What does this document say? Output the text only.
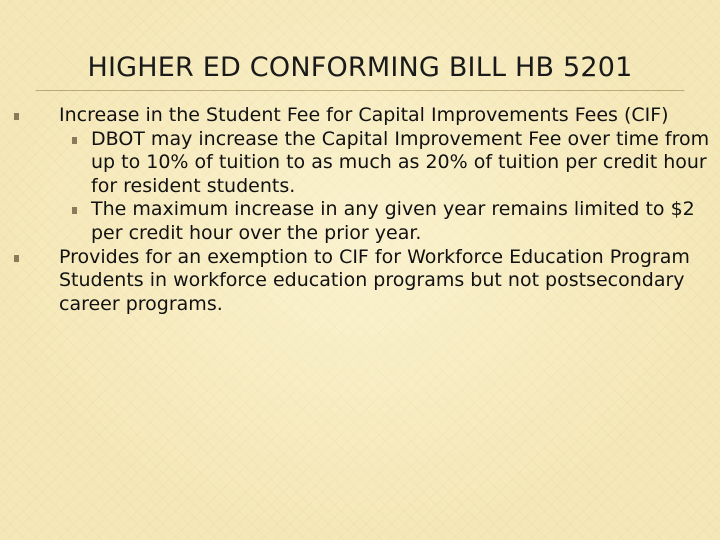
HIGHER ED CONFORMING BILL HB 5201
Increase in the Student Fee for Capital Improvements Fees (CIF)
DBOT may increase the Capital Improvement Fee over time from up to 10% of tuition to as much as 20% of tuition per credit hour for resident students.
The maximum increase in any given year remains limited to $2 per credit hour over the prior year.
Provides for an exemption to CIF for Workforce Education Program Students in workforce education programs but not postsecondary career programs.
